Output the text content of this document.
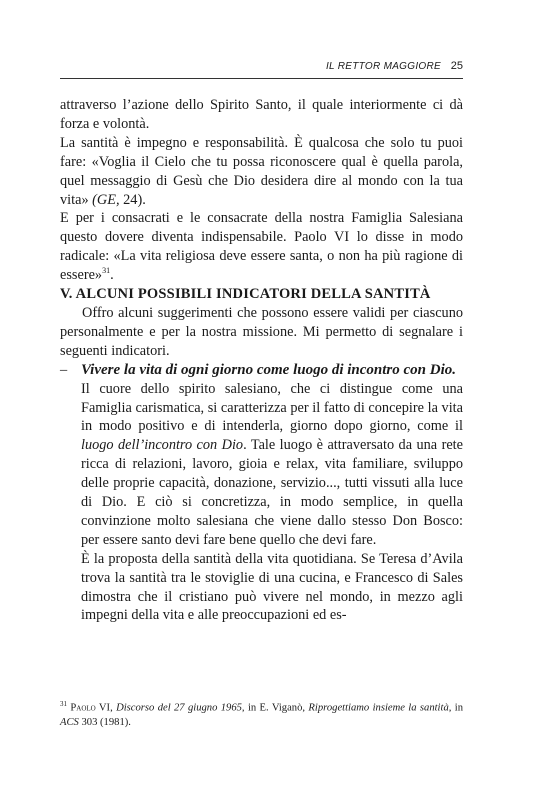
IL RETTOR MAGGIORE 25

attraverso l’azione dello Spirito Santo, il quale interiormente ci dà forza e volontà.

La santità è impegno e responsabilità. È qualcosa che solo tu puoi fare: «Voglia il Cielo che tu possa riconoscere qual è quella parola, quel messaggio di Gesù che Dio desidera dire al mondo con la tua vita» (GE, 24).

E per i consacrati e le consacrate della nostra Famiglia Salesiana questo dovere diventa indispensabile. Paolo VI lo disse in modo radicale: «La vita religiosa deve essere santa, o non ha più ragione di essere»$^{31}$.

V. ALCUNI POSSIBILI INDICATORI DELLA SANTITÀ

Offro alcuni suggerimenti che possono essere validi per ciascuno personalmente e per la nostra missione. Mi permetto di segnalare i seguenti indicatori.

– Vivere la vita di ogni giorno come luogo di incontro con Dio.

Il cuore dello spirito salesiano, che ci distingue come una Famiglia carismatica, si caratterizza per il fatto di concepire la vita in modo positivo e di intenderla, giorno dopo giorno, come il luogo dell’incontro con Dio. Tale luogo è attraversato da una rete ricca di relazioni, lavoro, gioia e relax, vita familiare, sviluppo delle proprie capacità, donazione, servizio..., tutti vissuti alla luce di Dio. E ciò si concretizza, in modo semplice, in quella convinzione molto salesiana che viene dallo stesso Don Bosco: per essere santo devi fare bene quello che devi fare.

È la proposta della santità della vita quotidiana. Se Teresa d’Avila trova la santità tra le stoviglie di una cucina, e Francesco di Sales dimostra che il cristiano può vivere nel mondo, in mezzo agli impegni della vita e alle preoccupazioni ed es-

$^{31}$ Paolo VI, Discorso del 27 giugno 1965, in E. Viganò, Riprogettiamo insieme la santità, in ACS 303 (1981).
